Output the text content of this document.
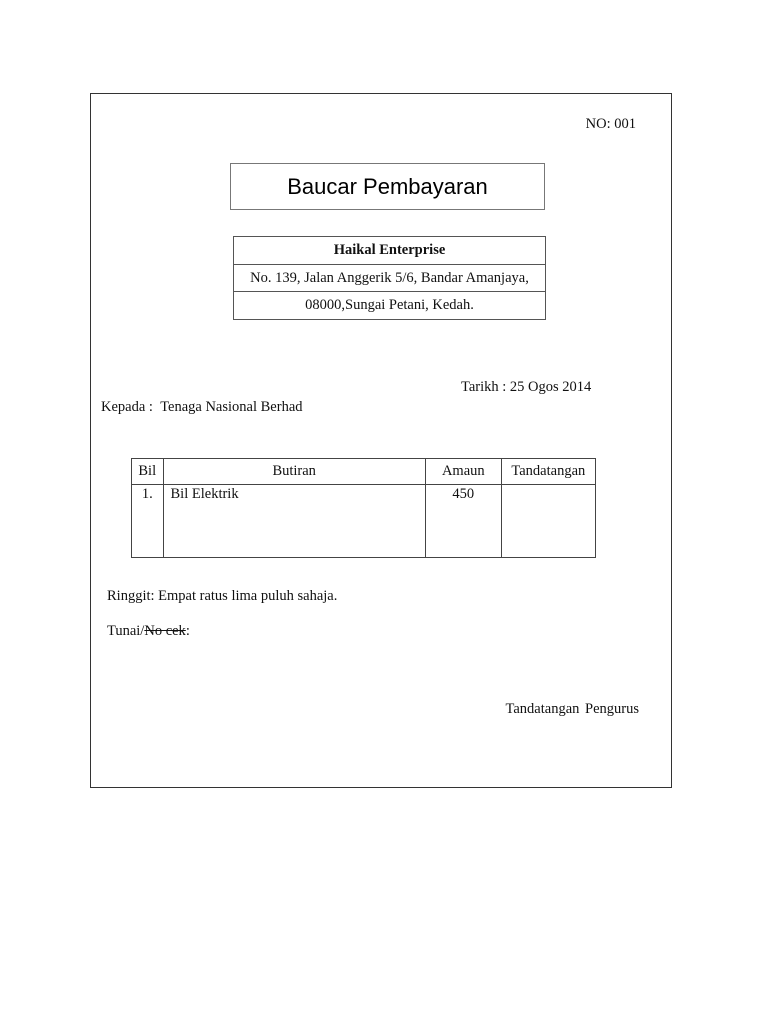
NO: 001
Baucar Pembayaran
Haikal Enterprise
No. 139, Jalan Anggerik 5/6, Bandar Amanjaya,
08000,Sungai Petani, Kedah.
Tarikh : 25 Ogos 2014
Kepada : Tenaga Nasional Berhad
Bil	Butiran	Amaun	Tandatangan
1.	Bil Elektrik	450	
Ringgit: Empat ratus lima puluh sahaja.
Tunai/No cek:
Tandatangan Pengurus
